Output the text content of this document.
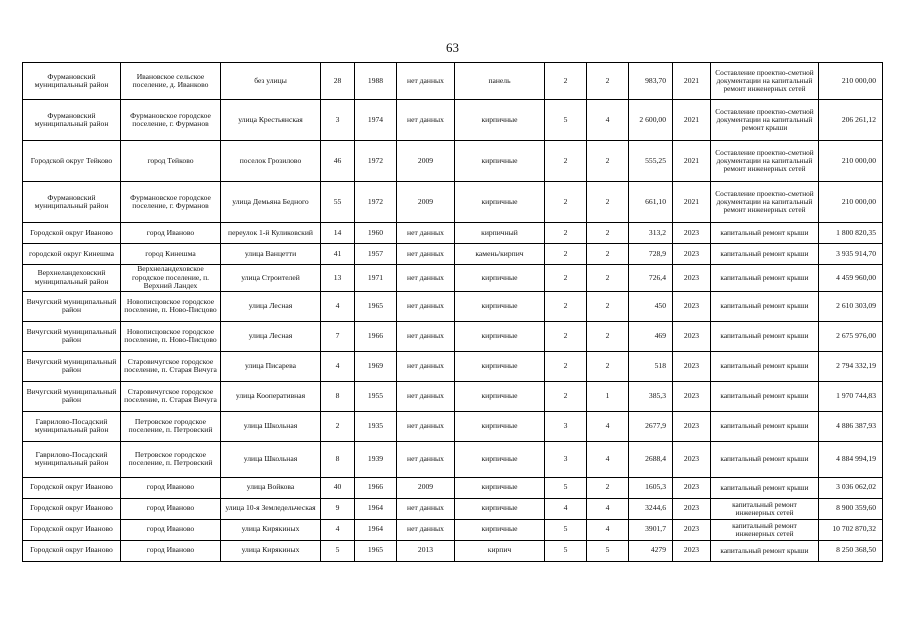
63
Фурмановский муниципальный район	Ивановское сельское поселение, д. Иванково	без улицы	28	1988	нет данных	панель	2	2	983,70	2021	Составление проектно-сметной документации на капитальный ремонт инженерных сетей	210 000,00
Фурмановский муниципальный район	Фурмановское городское поселение, г. Фурманов	улица Крестьянская	3	1974	нет данных	кирпичные	5	4	2 600,00	2021	Составление проектно-сметной документации на капитальный ремонт крыши	206 261,12
Городской округ Тейково	город Тейково	поселок Грозилово	46	1972	2009	кирпичные	2	2	555,25	2021	Составление проектно-сметной документации на капитальный ремонт инженерных сетей	210 000,00
Фурмановский муниципальный район	Фурмановское городское поселение, г. Фурманов	улица Демьяна Бедного	55	1972	2009	кирпичные	2	2	661,10	2021	Составление проектно-сметной документации на капитальный ремонт инженерных сетей	210 000,00
Городской округ Иваново	город Иваново	переулок 1-й Куликовский	14	1960	нет данных	кирпичный	2	2	313,2	2023	капитальный ремонт крыши	1 800 820,35
городской округ Кинешма	город Кинешма	улица Ванцетти	41	1957	нет данных	камень/кирпич	2	2	728,9	2023	капитальный ремонт крыши	3 935 914,70
Верхнеландеховский муниципальный район	Верхнеландеховское городское поселение, п. Верхний Ландех	улица Строителей	13	1971	нет данных	кирпичные	2	2	726,4	2023	капитальный ремонт крыши	4 459 960,00
Вичугский муниципальный район	Новописцовское городское поселение, п. Ново-Писцово	улица Лесная	4	1965	нет данных	кирпичные	2	2	450	2023	капитальный ремонт крыши	2 610 303,09
Вичугский муниципальный район	Новописцовское городское поселение, п. Ново-Писцово	улица Лесная	7	1966	нет данных	кирпичные	2	2	469	2023	капитальный ремонт крыши	2 675 976,00
Вичугский муниципальный район	Старовичугское городское поселение, п. Старая Вичуга	улица Писарева	4	1969	нет данных	кирпичные	2	2	518	2023	капитальный ремонт крыши	2 794 332,19
Вичугский муниципальный район	Старовичугское городское поселение, п. Старая Вичуга	улица Кооперативная	8	1955	нет данных	кирпичные	2	1	385,3	2023	капитальный ремонт крыши	1 970 744,83
Гаврилово-Посадский муниципальный район	Петровское городское поселение, п. Петровский	улица Школьная	2	1935	нет данных	кирпичные	3	4	2677,9	2023	капитальный ремонт крыши	4 886 387,93
Гаврилово-Посадский муниципальный район	Петровское городское поселение, п. Петровский	улица Школьная	8	1939	нет данных	кирпичные	3	4	2688,4	2023	капитальный ремонт крыши	4 884 994,19
Городской округ Иваново	город Иваново	улица Войкова	40	1966	2009	кирпичные	5	2	1605,3	2023	капитальный ремонт крыши	3 036 062,02
Городской округ Иваново	город Иваново	улица 10-я Земледельческая	9	1964	нет данных	кирпичные	4	4	3244,6	2023	капитальный ремонт инженерных сетей	8 900 359,60
Городской округ Иваново	город Иваново	улица Кирякиных	4	1964	нет данных	кирпичные	5	4	3901,7	2023	капитальный ремонт инженерных сетей	10 702 870,32
Городской округ Иваново	город Иваново	улица Кирякиных	5	1965	2013	кирпич	5	5	4279	2023	капитальный ремонт крыши	8 250 368,50
